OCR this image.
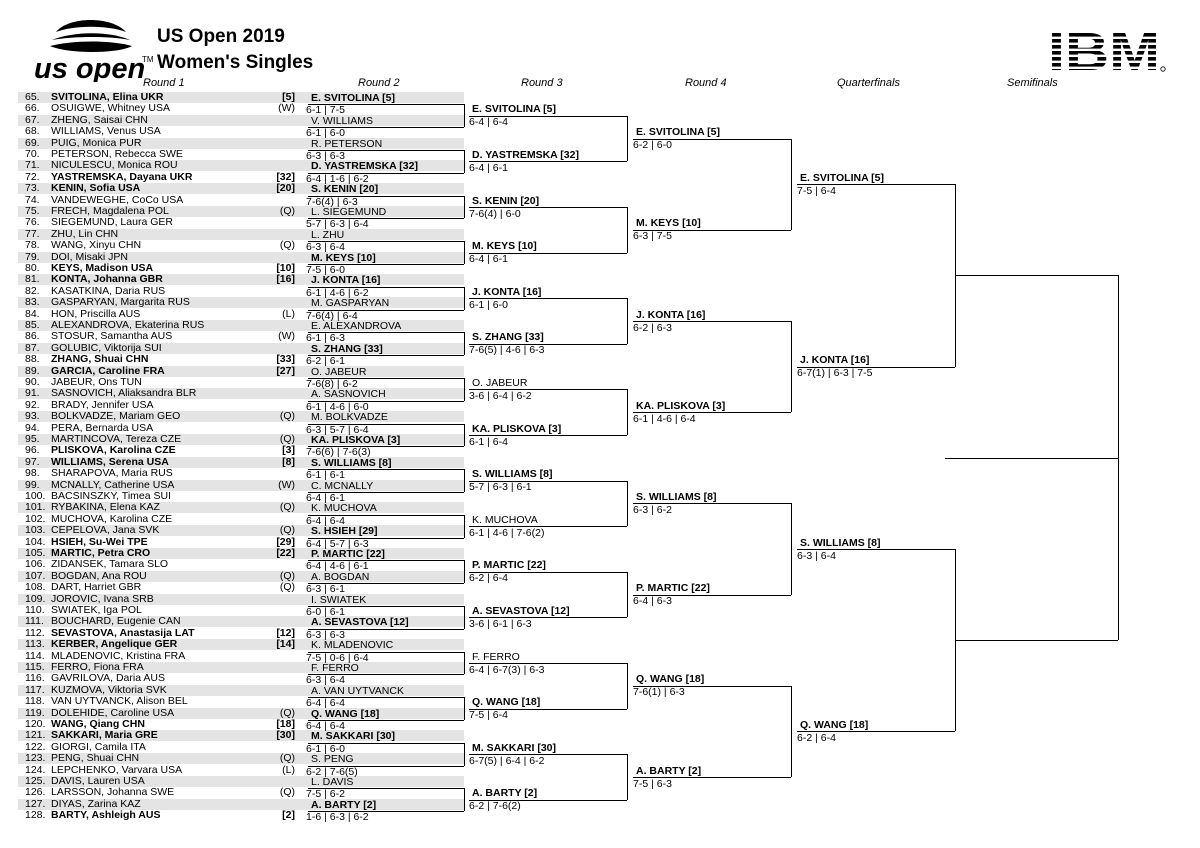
us open
TM
US Open 2019
Women's Singles	IBM
Round 1	Round 2	Round 3	Round 4	Quarterfinals	Semifinals
65. SVITOLINA, Elina UKR	[5]
66. OSUIGWE, Whitney USA	(W)
67. ZHENG, Saisai CHN
68. WILLIAMS, Venus USA
69. PUIG, Monica PUR
70. PETERSON, Rebecca SWE
71. NICULESCU, Monica ROU
72. YASTREMSKA, Dayana UKR	[32]
73. KENIN, Sofia USA	[20]
74. VANDEWEGHE, CoCo USA
75. FRECH, Magdalena POL	(Q)
76. SIEGEMUND, Laura GER
77. ZHU, Lin CHN
78. WANG, Xinyu CHN	(Q)
79. DOI, Misaki JPN
80. KEYS, Madison USA	[10]
81. KONTA, Johanna GBR	[16]
82. KASATKINA, Daria RUS
83. GASPARYAN, Margarita RUS
84. HON, Priscilla AUS	(L)
85. ALEXANDROVA, Ekaterina RUS
86. STOSUR, Samantha AUS	(W)
87. GOLUBIC, Viktorija SUI
88. ZHANG, Shuai CHN	[33]
89. GARCIA, Caroline FRA	[27]
90. JABEUR, Ons TUN
91. SASNOVICH, Aliaksandra BLR
92. BRADY, Jennifer USA
93. BOLKVADZE, Mariam GEO	(Q)
94. PERA, Bernarda USA
95. MARTINCOVA, Tereza CZE	(Q)
96. PLISKOVA, Karolina CZE	[3]
97. WILLIAMS, Serena USA	[8]
98. SHARAPOVA, Maria RUS
99. MCNALLY, Catherine USA	(W)
100. BACSINSZKY, Timea SUI
101. RYBAKINA, Elena KAZ	(Q)
102. MUCHOVA, Karolina CZE
103. CEPELOVA, Jana SVK	(Q)
104. HSIEH, Su-Wei TPE	[29]
105. MARTIC, Petra CRO	[22]
106. ZIDANSEK, Tamara SLO
107. BOGDAN, Ana ROU	(Q)
108. DART, Harriet GBR	(Q)
109. JOROVIC, Ivana SRB
110. SWIATEK, Iga POL
111. BOUCHARD, Eugenie CAN
112. SEVASTOVA, Anastasija LAT	[12]
113. KERBER, Angelique GER	[14]
114. MLADENOVIC, Kristina FRA
115. FERRO, Fiona FRA
116. GAVRILOVA, Daria AUS
117. KUZMOVA, Viktoria SVK
118. VAN UYTVANCK, Alison BEL
119. DOLEHIDE, Caroline USA	(Q)
120. WANG, Qiang CHN	[18]
121. SAKKARI, Maria GRE	[30]
122. GIORGI, Camila ITA
123. PENG, Shuai CHN	(Q)
124. LEPCHENKO, Varvara USA	(L)
125. DAVIS, Lauren USA
126. LARSSON, Johanna SWE	(Q)
127. DIYAS, Zarina KAZ
128. BARTY, Ashleigh AUS	[2]
E. SVITOLINA [5]
6-1 | 7-5
V. WILLIAMS
6-1 | 6-0
R. PETERSON
6-3 | 6-3
D. YASTREMSKA [32]
6-4 | 1-6 | 6-2
S. KENIN [20]
7-6(4) | 6-3
L. SIEGEMUND
5-7 | 6-3 | 6-4
L. ZHU
6-3 | 6-4
M. KEYS [10]
7-5 | 6-0
J. KONTA [16]
6-1 | 4-6 | 6-2
M. GASPARYAN
7-6(4) | 6-4
E. ALEXANDROVA
6-1 | 6-3
S. ZHANG [33]
6-2 | 6-1
O. JABEUR
7-6(8) | 6-2
A. SASNOVICH
6-1 | 4-6 | 6-0
M. BOLKVADZE
6-3 | 5-7 | 6-4
KA. PLISKOVA [3]
7-6(6) | 7-6(3)
S. WILLIAMS [8]
6-1 | 6-1
C. MCNALLY
6-4 | 6-1
K. MUCHOVA
6-4 | 6-4
S. HSIEH [29]
6-4 | 5-7 | 6-3
P. MARTIC [22]
6-4 | 4-6 | 6-1
A. BOGDAN
6-3 | 6-1
I. SWIATEK
6-0 | 6-1
A. SEVASTOVA [12]
6-3 | 6-3
K. MLADENOVIC
7-5 | 0-6 | 6-4
F. FERRO
6-3 | 6-4
A. VAN UYTVANCK
6-4 | 6-4
Q. WANG [18]
6-4 | 6-4
M. SAKKARI [30]
6-1 | 6-0
S. PENG
6-2 | 7-6(5)
L. DAVIS
7-5 | 6-2
A. BARTY [2]
1-6 | 6-3 | 6-2
E. SVITOLINA [5]
6-4 | 6-4
D. YASTREMSKA [32]
6-4 | 6-1
S. KENIN [20]
7-6(4) | 6-0
M. KEYS [10]
6-4 | 6-1
J. KONTA [16]
6-1 | 6-0
S. ZHANG [33]
7-6(5) | 4-6 | 6-3
O. JABEUR
3-6 | 6-4 | 6-2
KA. PLISKOVA [3]
6-1 | 6-4
S. WILLIAMS [8]
5-7 | 6-3 | 6-1
K. MUCHOVA
6-1 | 4-6 | 7-6(2)
P. MARTIC [22]
6-2 | 6-4
A. SEVASTOVA [12]
3-6 | 6-1 | 6-3
F. FERRO
6-4 | 6-7(3) | 6-3
Q. WANG [18]
7-5 | 6-4
M. SAKKARI [30]
6-7(5) | 6-4 | 6-2
A. BARTY [2]
6-2 | 7-6(2)
E. SVITOLINA [5]
6-2 | 6-0
M. KEYS [10]
6-3 | 7-5
J. KONTA [16]
6-2 | 6-3
KA. PLISKOVA [3]
6-1 | 4-6 | 6-4
S. WILLIAMS [8]
6-3 | 6-2
P. MARTIC [22]
6-4 | 6-3
Q. WANG [18]
7-6(1) | 6-3
A. BARTY [2]
7-5 | 6-3
E. SVITOLINA [5]
7-5 | 6-4
J. KONTA [16]
6-7(1) | 6-3 | 7-5
S. WILLIAMS [8]
6-3 | 6-4
Q. WANG [18]
6-2 | 6-4
